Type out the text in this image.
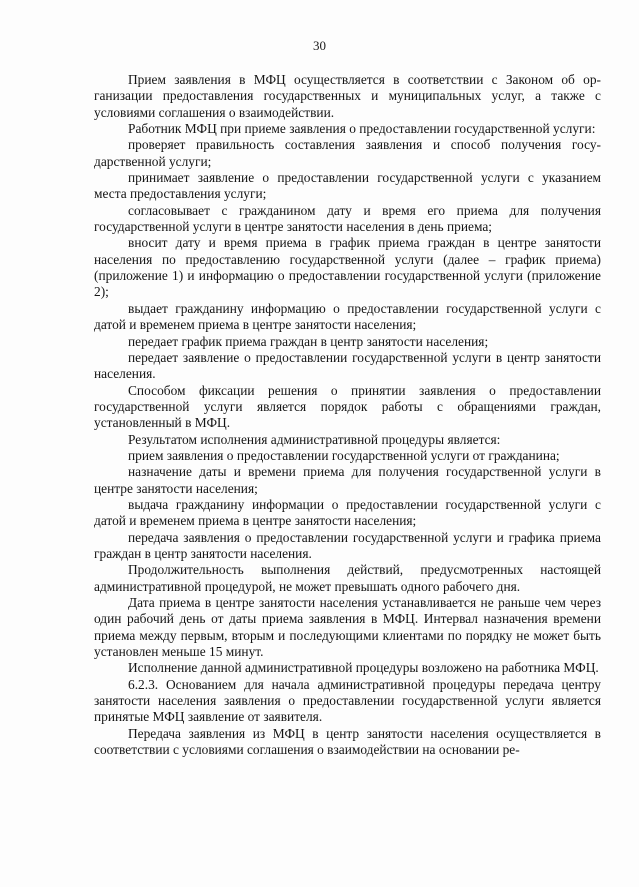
30

Прием заявления в МФЦ осуществляется в соответствии с Законом об организации предоставления государственных и муниципальных услуг, а также с условиями соглашения о взаимодействии.

Работник МФЦ при приеме заявления о предоставлении государственной услуги:

проверяет правильность составления заявления и способ получения государственной услуги;

принимает заявление о предоставлении государственной услуги с указанием места предоставления услуги;

согласовывает с гражданином дату и время его приема для получения государственной услуги в центре занятости населения в день приема;

вносит дату и время приема в график приема граждан в центре занятости населения по предоставлению государственной услуги (далее – график приема) (приложение 1) и информацию о предоставлении государственной услуги (приложение 2);

выдает гражданину информацию о предоставлении государственной услуги с датой и временем приема в центре занятости населения;

передает график приема граждан в центр занятости населения;

передает заявление о предоставлении государственной услуги в центр занятости населения.

Способом фиксации решения о принятии заявления о предоставлении государственной услуги является порядок работы с обращениями граждан, установленный в МФЦ.

Результатом исполнения административной процедуры является:

прием заявления о предоставлении государственной услуги от гражданина;

назначение даты и времени приема для получения государственной услуги в центре занятости населения;

выдача гражданину информации о предоставлении государственной услуги с датой и временем приема в центре занятости населения;

передача заявления о предоставлении государственной услуги и графика приема граждан в центр занятости населения.

Продолжительность выполнения действий, предусмотренных настоящей административной процедурой, не может превышать одного рабочего дня.

Дата приема в центре занятости населения устанавливается не раньше чем через один рабочий день от даты приема заявления в МФЦ. Интервал назначения времени приема между первым, вторым и последующими клиентами по порядку не может быть установлен меньше 15 минут.

Исполнение данной административной процедуры возложено на работника МФЦ.

6.2.3. Основанием для начала административной процедуры передача центру занятости населения заявления о предоставлении государственной услуги является принятые МФЦ заявление от заявителя.

Передача заявления из МФЦ в центр занятости населения осуществляется в соответствии с условиями соглашения о взаимодействии на основании ре-
